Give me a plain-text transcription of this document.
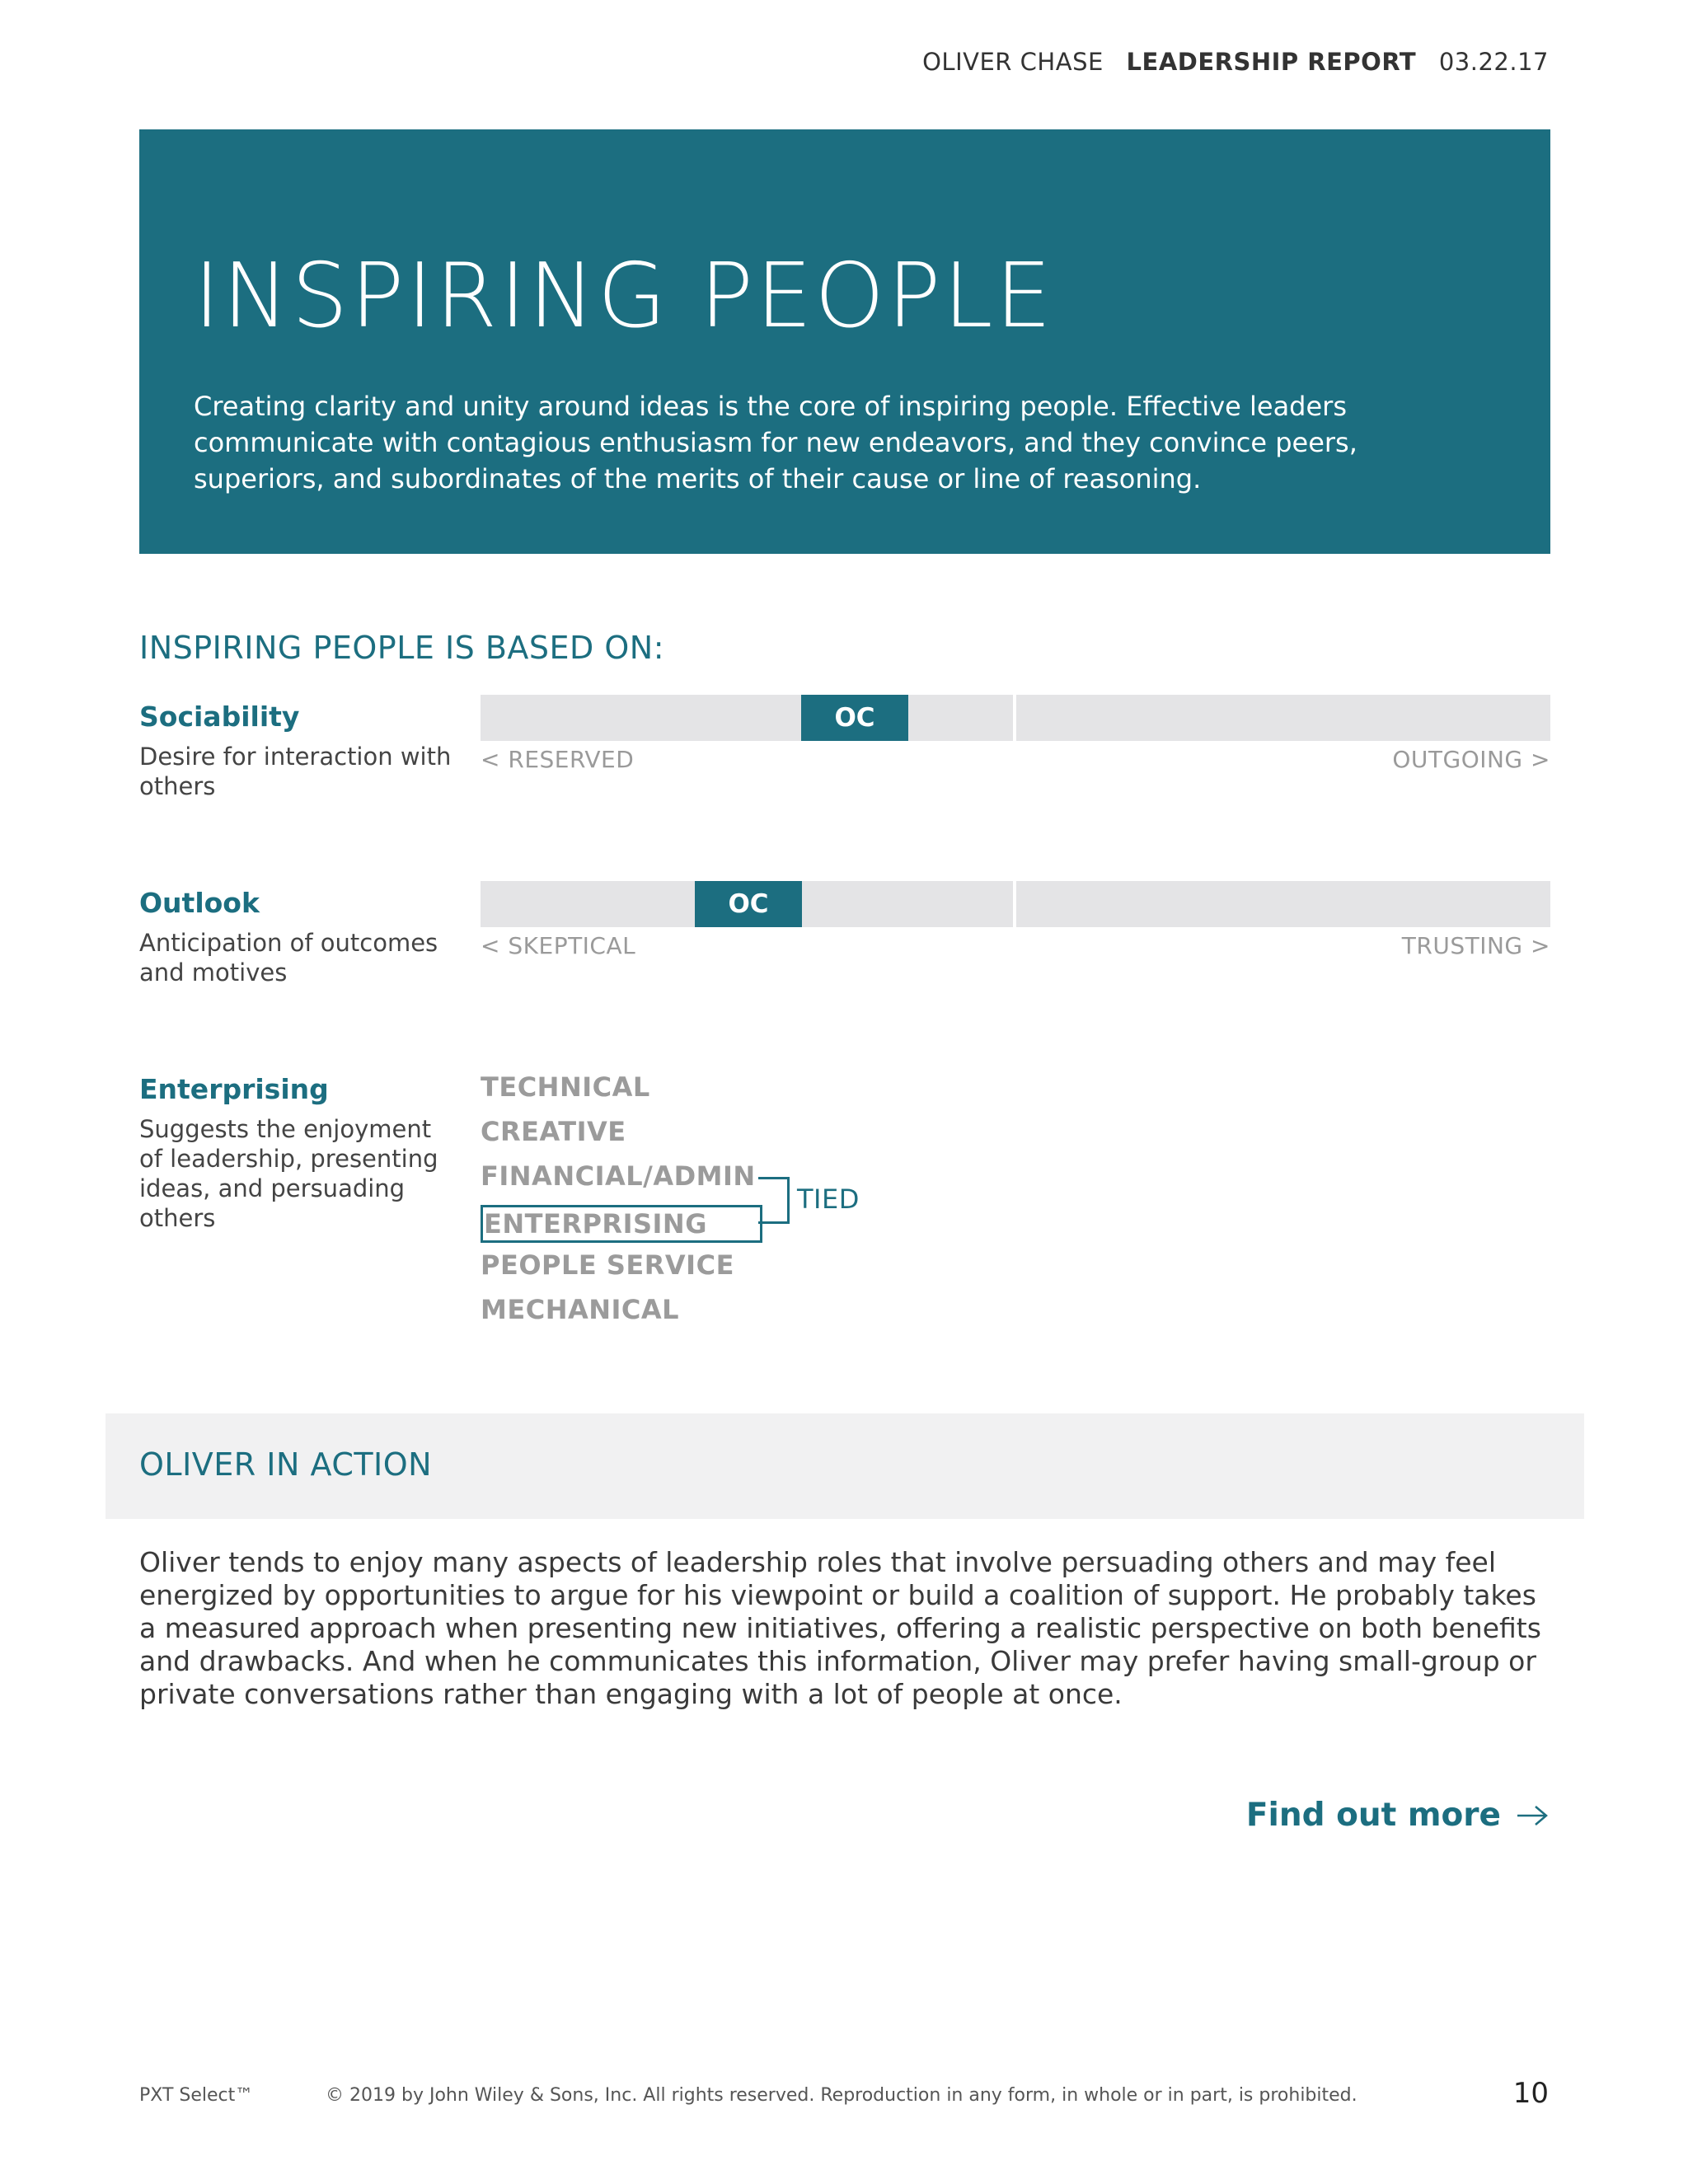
OLIVER CHASE LEADERSHIP REPORT 03.22.17
INSPIRING PEOPLE
Creating clarity and unity around ideas is the core of inspiring people. Effective leaders communicate with contagious enthusiasm for new endeavors, and they convince peers, superiors, and subordinates of the merits of their cause or line of reasoning.
INSPIRING PEOPLE IS BASED ON:
Sociability
Desire for interaction with others
OC
< RESERVED	OUTGOING >
Outlook
Anticipation of outcomes and motives
OC
< SKEPTICAL	TRUSTING >
Enterprising
Suggests the enjoyment of leadership, presenting ideas, and persuading others
TECHNICAL
CREATIVE
FINANCIAL/ADMIN
ENTERPRISING
PEOPLE SERVICE
MECHANICAL
TIED
OLIVER IN ACTION
Oliver tends to enjoy many aspects of leadership roles that involve persuading others and may feel energized by opportunities to argue for his viewpoint or build a coalition of support. He probably takes a measured approach when presenting new initiatives, offering a realistic perspective on both benefits and drawbacks. And when he communicates this information, Oliver may prefer having small-group or private conversations rather than engaging with a lot of people at once.
Find out more
PXT Select™	© 2019 by John Wiley & Sons, Inc. All rights reserved. Reproduction in any form, in whole or in part, is prohibited.	10
